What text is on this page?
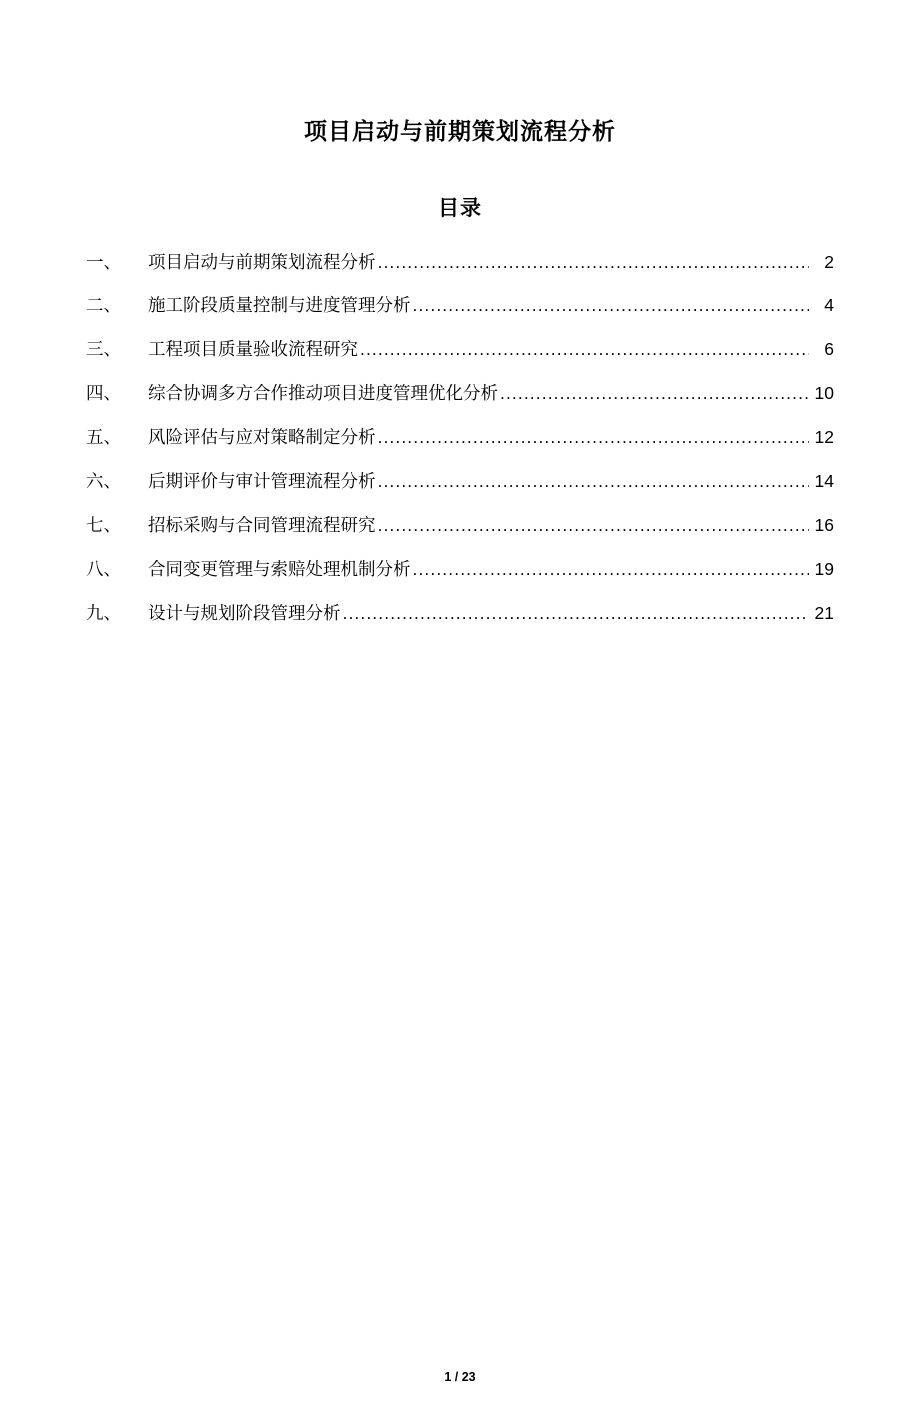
项目启动与前期策划流程分析
目录
一、	项目启动与前期策划流程分析 .....	2
二、	施工阶段质量控制与进度管理分析 .....	4
三、	工程项目质量验收流程研究 .....	6
四、	综合协调多方合作推动项目进度管理优化分析 .....	10
五、	风险评估与应对策略制定分析 .....	12
六、	后期评价与审计管理流程分析 .....	14
七、	招标采购与合同管理流程研究 .....	16
八、	合同变更管理与索赔处理机制分析 .....	19
九、	设计与规划阶段管理分析 .....	21
1 / 23
